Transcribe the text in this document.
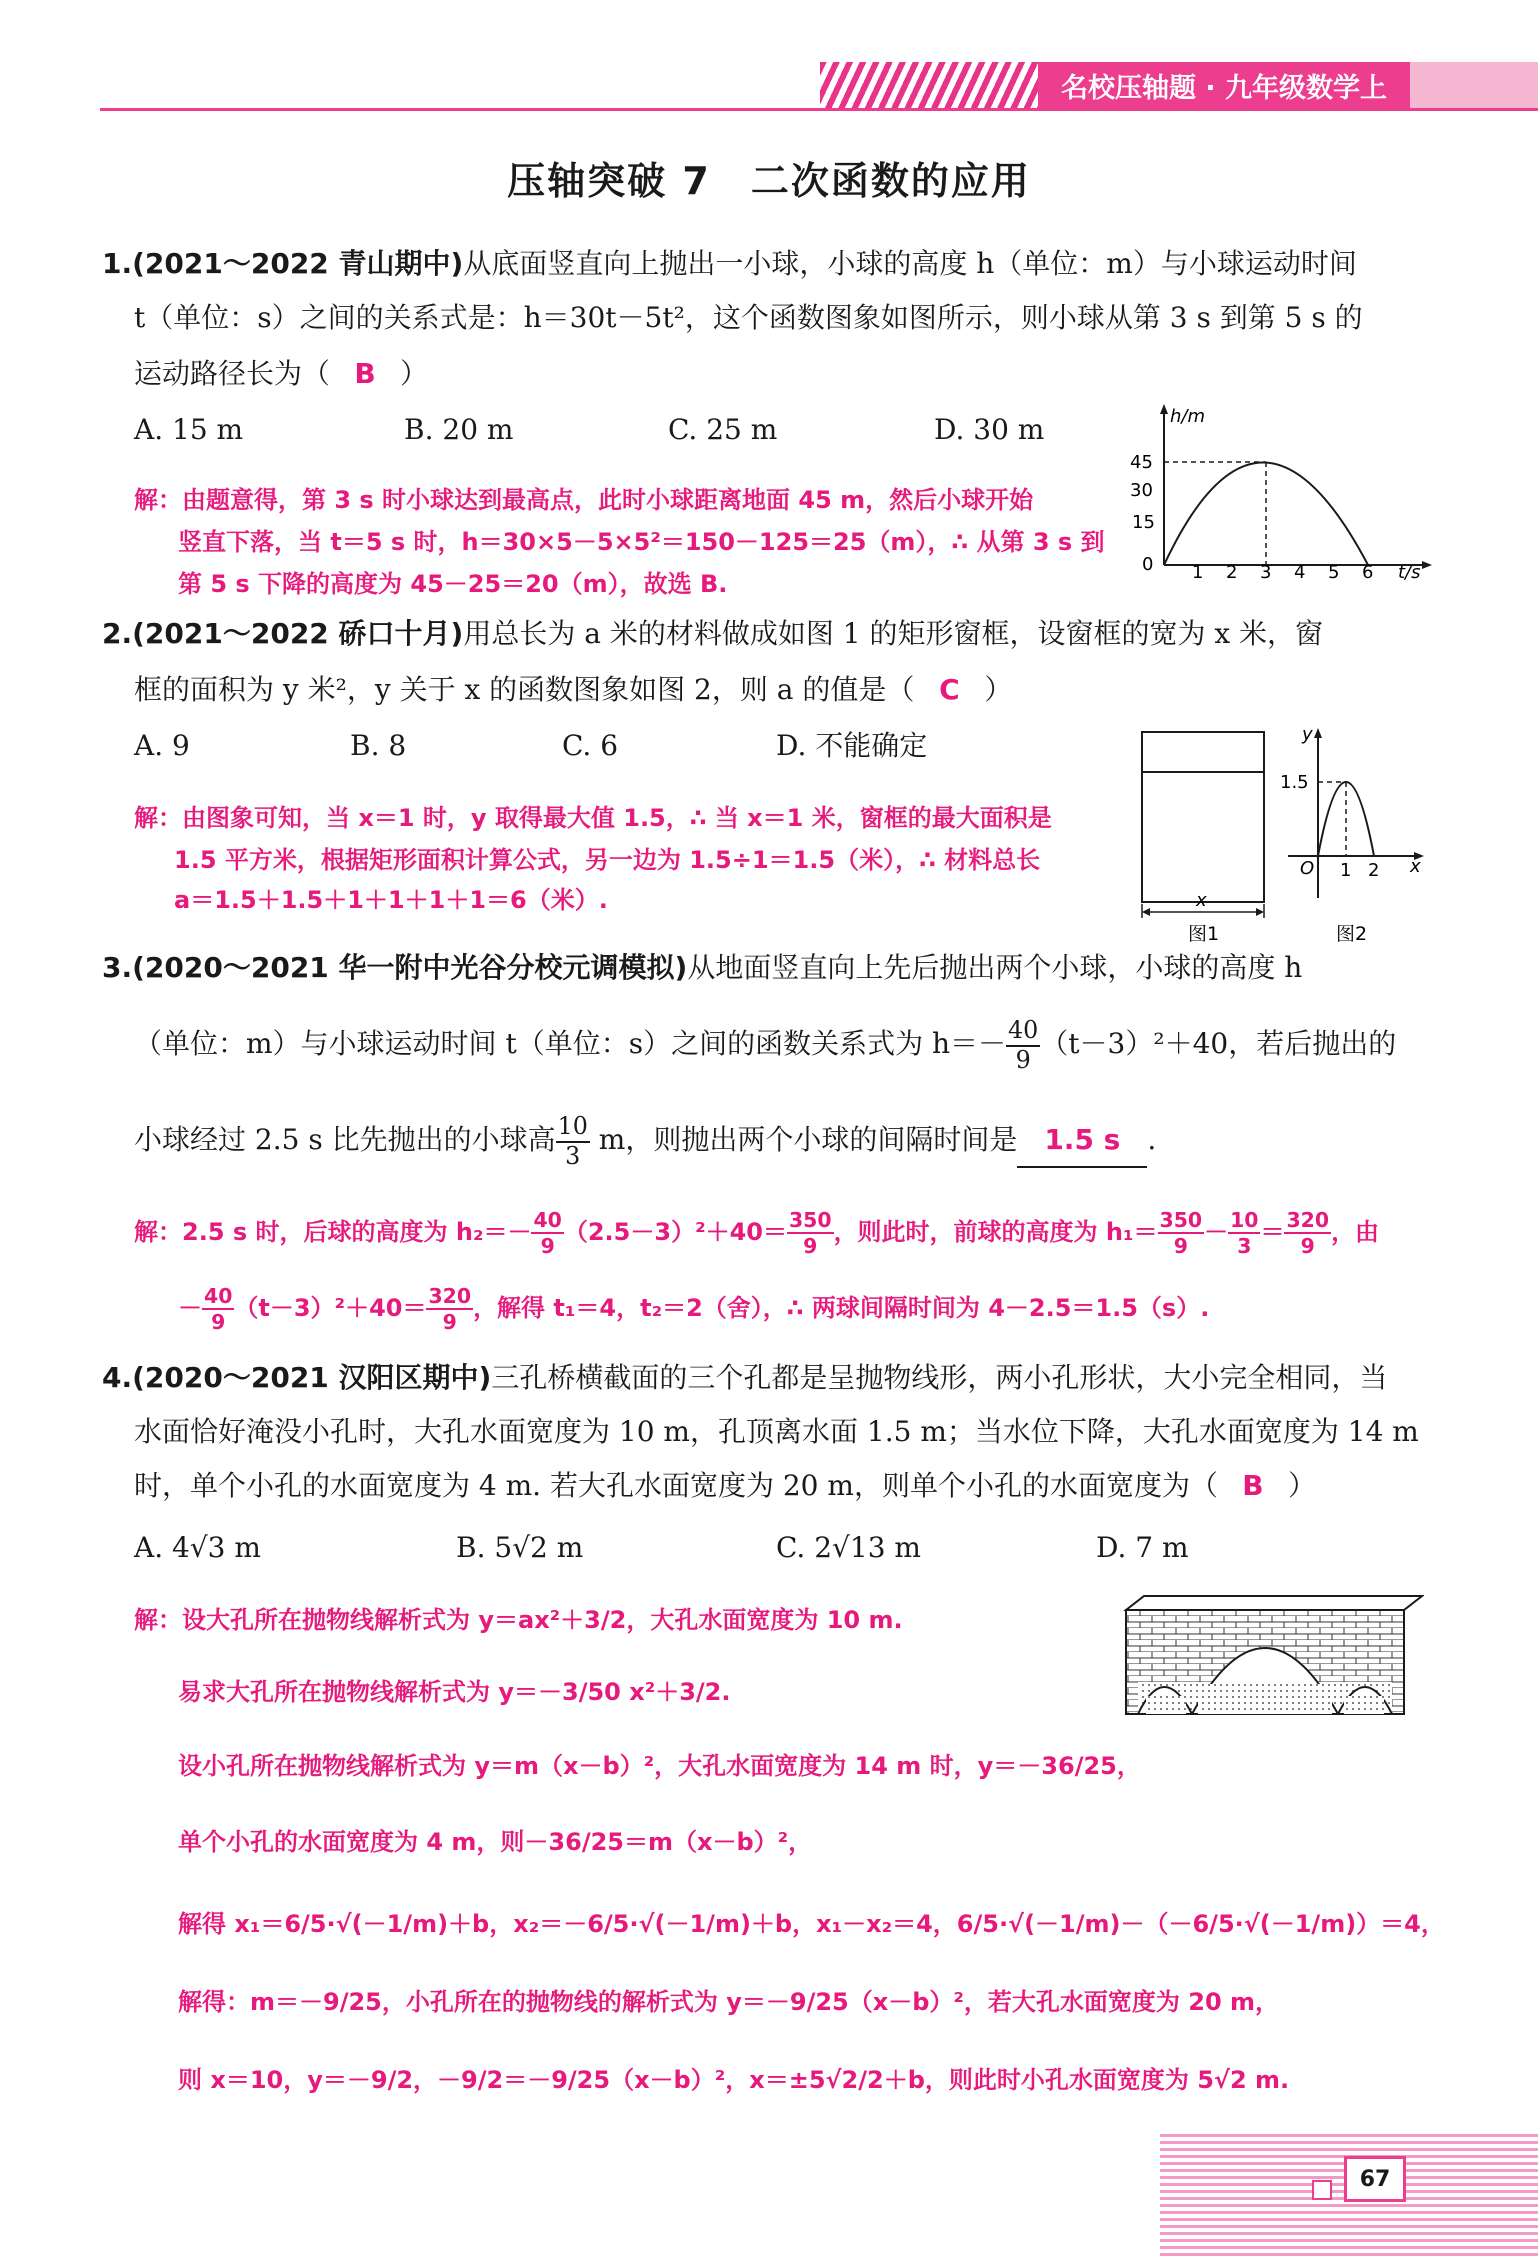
名校压轴题 · 九年级数学上
压轴突破 7　二次函数的应用
1.(2021～2022 青山期中)从底面竖直向上抛出一小球，小球的高度 h（单位：m）与小球运动时间
t（单位：s）之间的关系式是：h＝30t－5t²，这个函数图象如图所示，则小球从第 3 s 到第 5 s 的
运动路径长为（ B ）
A. 15 m	B. 20 m	C. 25 m	D. 30 m
解：由题意得，第 3 s 时小球达到最高点，此时小球距离地面 45 m，然后小球开始
竖直下落，当 t＝5 s 时，h＝30×5－5×5²＝150－125＝25（m），∴ 从第 3 s 到
第 5 s 下降的高度为 45－25＝20（m），故选 B.
h/m
t/s
0
45
30
15
1 2 3 4 5 6
2.(2021～2022 硚口十月)用总长为 a 米的材料做成如图 1 的矩形窗框，设窗框的宽为 x 米，窗
框的面积为 y 米²，y 关于 x 的函数图象如图 2，则 a 的值是（ C ）
A. 9	B. 8	C. 6	D. 不能确定
解：由图象可知，当 x＝1 时，y 取得最大值 1.5，∴ 当 x＝1 米，窗框的最大面积是
1.5 平方米，根据矩形面积计算公式，另一边为 1.5÷1＝1.5（米），∴ 材料总长
a＝1.5＋1.5＋1＋1＋1＋1＝6（米）.	x
图1
y
x
O
1.5
1 2
图2
3.(2020～2021 华一附中光谷分校元调模拟)从地面竖直向上先后抛出两个小球，小球的高度 h
（单位：m）与小球运动时间 t（单位：s）之间的函数关系式为 $h=- \frac{40}{9} (t-3)^2+40$，若后抛出的
小球经过 2.5 s 比先抛出的小球高 $\frac{10}{3}$ m，则抛出两个小球的间隔时间是 1.5 s .
解：2.5 s 时，后球的高度为 $h_2=- \frac{40}{9} (2.5-3)^2+40= \frac{350}{9}$ ，则此时，前球的高度为 $h_1= \frac{350}{9} - \frac{10}{3} = \frac{320}{9}$ ，由
－ $\frac{40}{9} (t-3)^2+40= \frac{320}{9}$ ，解得 t₁＝4，t₂＝2（舍），∴ 两球间隔时间为 4－2.5＝1.5（s）.
4.(2020～2021 汉阳区期中)三孔桥横截面的三个孔都是呈抛物线形，两小孔形状，大小完全相同，当
水面恰好淹没小孔时，大孔水面宽度为 10 m，孔顶离水面 1.5 m；当水位下降，大孔水面宽度为 14 m
时，单个小孔的水面宽度为 4 m. 若大孔水面宽度为 20 m，则单个小孔的水面宽度为（ B ）
A. 4√3 m	B. 5√2 m	C. 2√13 m	D. 7 m
解：设大孔所在抛物线解析式为 y＝ax²＋3/2，大孔水面宽度为 10 m.
易求大孔所在抛物线解析式为 y＝－3/50 x²＋3/2.
设小孔所在抛物线解析式为 y＝m（x－b）²，大孔水面宽度为 14 m 时，y＝－36/25，
单个小孔的水面宽度为 4 m，则－36/25＝m（x－b）²，
解得 x₁＝6/5·√(－1/m)＋b，x₂＝－6/5·√(－1/m)＋b，x₁－x₂＝4，6/5·√(－1/m)－（－6/5·√(－1/m)）＝4，
解得：m＝－9/25，小孔所在的抛物线的解析式为 y＝－9/25（x－b）²，若大孔水面宽度为 20 m，
则 x＝10，y＝－9/2，－9/2＝－9/25（x－b）²，x＝±5√2/2＋b，则此时小孔水面宽度为 5√2 m.
67
